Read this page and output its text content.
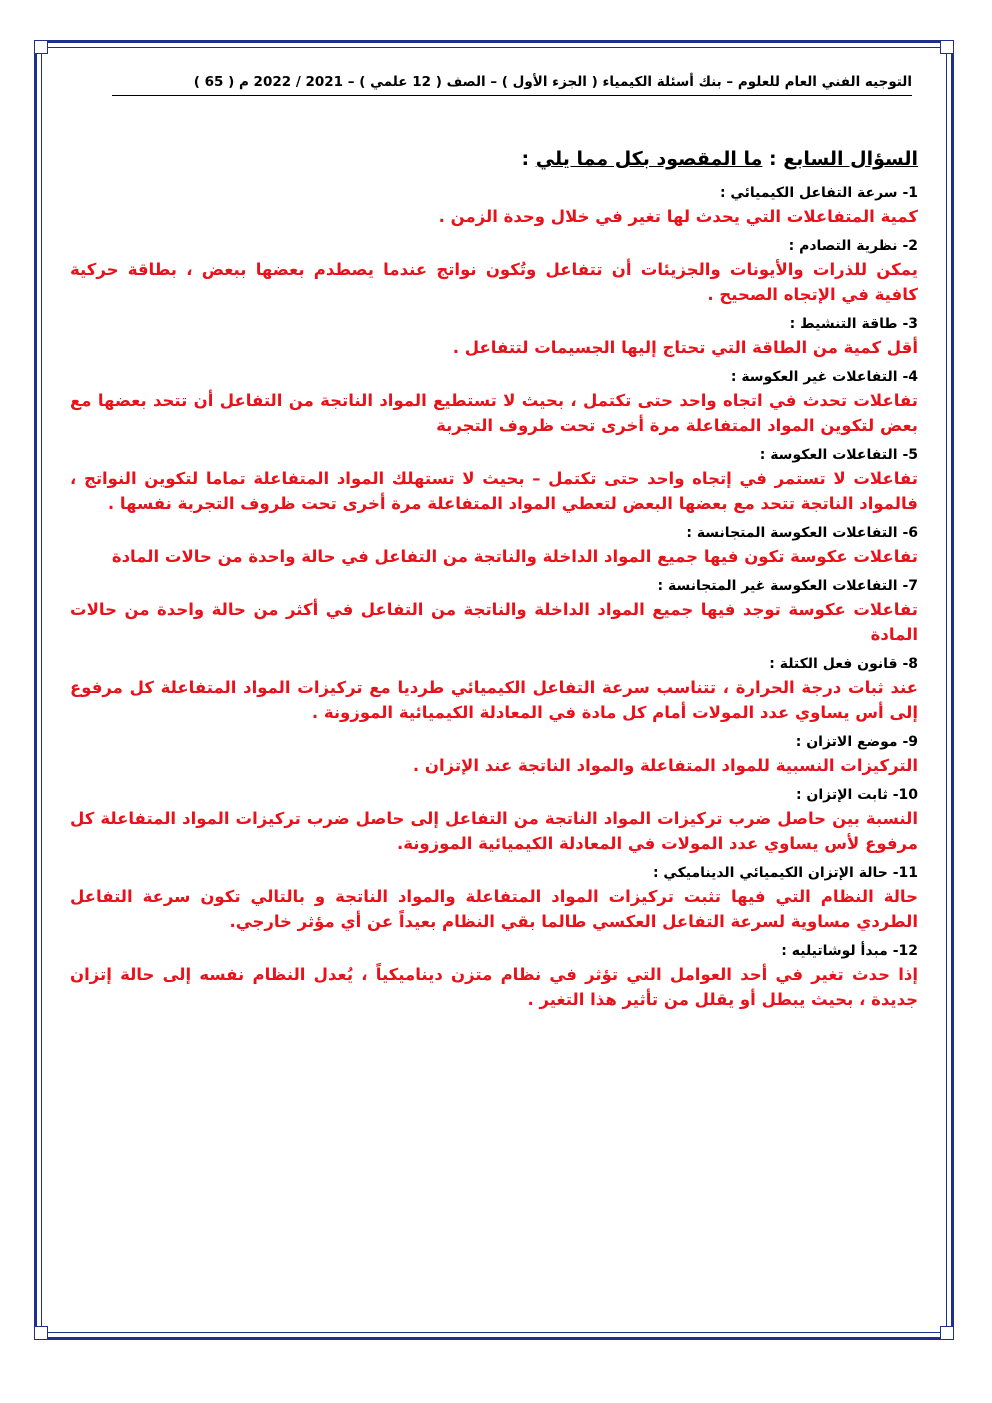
التوجيه الفني العام للعلوم – بنك أسئلة الكيمياء ( الجزء الأول ) – الصف ( 12 علمي ) – 2021 / 2022 م ( 65 )
السؤال السابع : ما المقصود بكل مما يلي :
1- سرعة التفاعل الكيميائي :
كمية المتفاعلات التي يحدث لها تغير في خلال وحدة الزمن .
2- نظرية التصادم :
يمكن للذرات والأيونات والجزيئات أن تتفاعل وتُكون نواتج عندما يصطدم بعضها ببعض ، بطاقة حركية كافية في الإتجاه الصحيح .
3- طاقة التنشيط :
أقل كمية من الطاقة التي تحتاج إليها الجسيمات لتتفاعل .
4- التفاعلات غير العكوسة :
تفاعلات تحدث في اتجاه واحد حتى تكتمل ، بحيث لا تستطيع المواد الناتجة من التفاعل أن تتحد بعضها مع بعض لتكوين المواد المتفاعلة مرة أخرى تحت ظروف التجربة
5- التفاعلات العكوسة :
تفاعلات لا تستمر في إتجاه واحد حتى تكتمل – بحيث لا تستهلك المواد المتفاعلة تماما لتكوين النواتج ، فالمواد الناتجة تتحد مع بعضها البعض لتعطي المواد المتفاعلة مرة أخرى تحت ظروف التجربة نفسها .
6- التفاعلات العكوسة المتجانسة :
تفاعلات عكوسة تكون فيها جميع المواد الداخلة والناتجة من التفاعل في حالة واحدة من حالات المادة
7- التفاعلات العكوسة غير المتجانسة :
تفاعلات عكوسة توجد فيها جميع المواد الداخلة والناتجة من التفاعل في أكثر من حالة واحدة من حالات المادة
8- قانون فعل الكتلة :
عند ثبات درجة الحرارة ، تتناسب سرعة التفاعل الكيميائي طرديا مع تركيزات المواد المتفاعلة كل مرفوع إلى أس يساوي عدد المولات أمام كل مادة في المعادلة الكيميائية الموزونة .
9- موضع الاتزان :
التركيزات النسبية للمواد المتفاعلة والمواد الناتجة عند الإتزان .
10- ثابت الإتزان :
النسبة بين حاصل ضرب تركيزات المواد الناتجة من التفاعل إلى حاصل ضرب تركيزات المواد المتفاعلة كل مرفوع لأس يساوي عدد المولات في المعادلة الكيميائية الموزونة.
11- حالة الإتزان الكيميائي الديناميكي :
حالة النظام التي فيها تثبت تركيزات المواد المتفاعلة والمواد الناتجة و بالتالي تكون سرعة التفاعل الطردي مساوية لسرعة التفاعل العكسي طالما بقي النظام بعيداً عن أي مؤثر خارجي.
12- مبدأ لوشاتيليه :
إذا حدث تغير في أحد العوامل التي تؤثر في نظام متزن ديناميكياً ، يُعدل النظام نفسه إلى حالة إتزان جديدة ، بحيث يبطل أو يقلل من تأثير هذا التغير .
